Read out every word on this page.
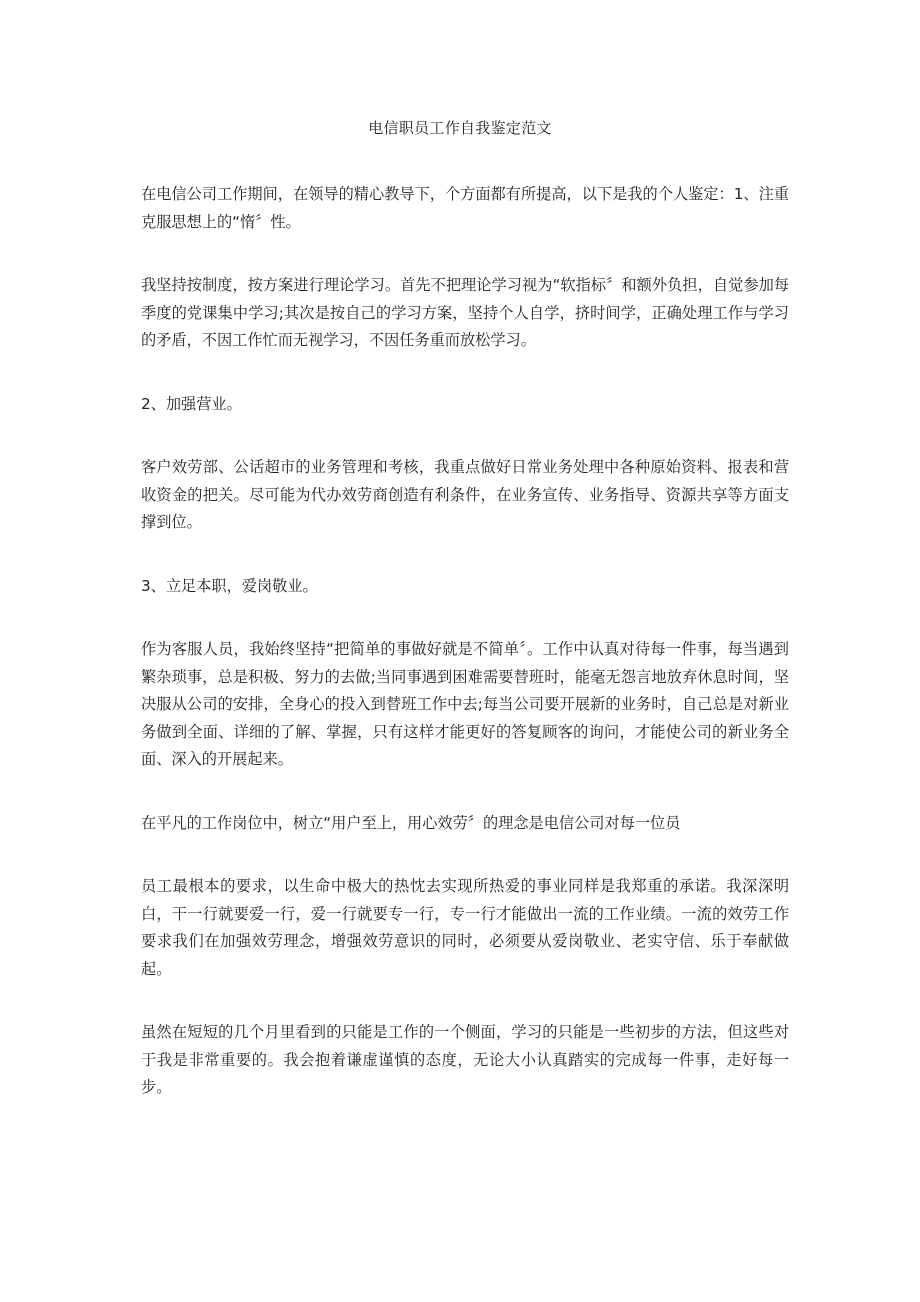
电信职员工作自我鉴定范文

在电信公司工作期间，在领导的精心教导下，个方面都有所提高，以下是我的个人鉴定：1、注重克服思想上的“惰〞性。

我坚持按制度，按方案进行理论学习。首先不把理论学习视为“软指标〞和额外负担，自觉参加每季度的党课集中学习;其次是按自己的学习方案，坚持个人自学，挤时间学，正确处理工作与学习的矛盾，不因工作忙而无视学习，不因任务重而放松学习。

2、加强营业。

客户效劳部、公话超市的业务管理和考核，我重点做好日常业务处理中各种原始资料、报表和营收资金的把关。尽可能为代办效劳商创造有利条件，在业务宣传、业务指导、资源共享等方面支撑到位。

3、立足本职，爱岗敬业。

作为客服人员，我始终坚持“把简单的事做好就是不简单〞。工作中认真对待每一件事，每当遇到繁杂琐事，总是积极、努力的去做;当同事遇到困难需要替班时，能毫无怨言地放弃休息时间，坚决服从公司的安排，全身心的投入到替班工作中去;每当公司要开展新的业务时，自己总是对新业务做到全面、详细的了解、掌握，只有这样才能更好的答复顾客的询问，才能使公司的新业务全面、深入的开展起来。

在平凡的工作岗位中，树立“用户至上，用心效劳〞的理念是电信公司对每一位员

员工最根本的要求，以生命中极大的热忱去实现所热爱的事业同样是我郑重的承诺。我深深明白，干一行就要爱一行，爱一行就要专一行，专一行才能做出一流的工作业绩。一流的效劳工作要求我们在加强效劳理念，增强效劳意识的同时，必须要从爱岗敬业、老实守信、乐于奉献做起。

虽然在短短的几个月里看到的只能是工作的一个侧面，学习的只能是一些初步的方法，但这些对于我是非常重要的。我会抱着谦虚谨慎的态度，无论大小认真踏实的完成每一件事，走好每一步。
